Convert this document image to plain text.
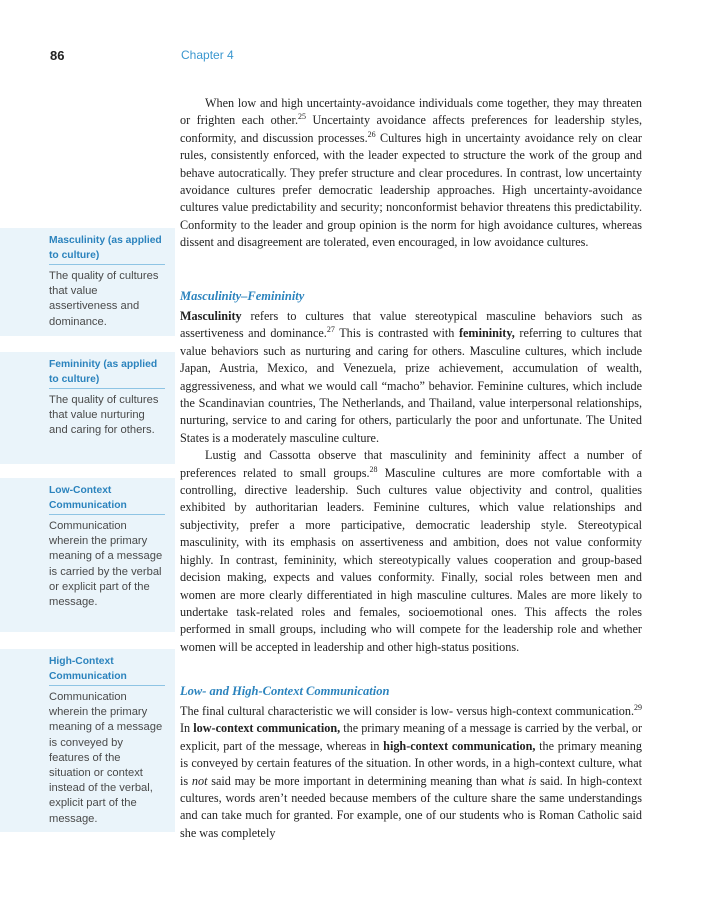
86	Chapter 4
Masculinity (as applied to culture)
The quality of cultures that value assertiveness and dominance.
Femininity (as applied to culture)
The quality of cultures that value nurturing and caring for others.
Low-Context Communication
Communication wherein the primary meaning of a message is carried by the verbal or explicit part of the message.
High-Context Communication
Communication wherein the primary meaning of a message is conveyed by features of the situation or context instead of the verbal, explicit part of the message.

When low and high uncertainty-avoidance individuals come together, they may threaten or frighten each other.$^{25}$ Uncertainty avoidance affects preferences for leadership styles, conformity, and discussion processes.$^{26}$ Cultures high in uncertainty avoidance rely on clear rules, consistently enforced, with the leader expected to structure the work of the group and behave autocratically. They prefer structure and clear procedures. In contrast, low uncertainty avoidance cultures prefer democratic leadership approaches. High uncertainty-avoidance cultures value predictability and security; nonconformist behavior threatens this predictability. Conformity to the leader and group opinion is the norm for high avoidance cultures, whereas dissent and disagreement are tolerated, even encouraged, in low avoidance cultures.

Masculinity–Femininity

Masculinity refers to cultures that value stereotypical masculine behaviors such as assertiveness and dominance.$^{27}$ This is contrasted with femininity, referring to cultures that value behaviors such as nurturing and caring for others. Masculine cultures, which include Japan, Austria, Mexico, and Venezuela, prize achievement, accumulation of wealth, aggressiveness, and what we would call “macho” behavior. Feminine cultures, which include the Scandinavian countries, The Netherlands, and Thailand, value interpersonal relationships, nurturing, service to and caring for others, particularly the poor and unfortunate. The United States is a moderately masculine culture.

Lustig and Cassotta observe that masculinity and femininity affect a number of preferences related to small groups.$^{28}$ Masculine cultures are more comfortable with a controlling, directive leadership. Such cultures value objectivity and control, qualities exhibited by authoritarian leaders. Feminine cultures, which value relationships and subjectivity, prefer a more participative, democratic leadership style. Stereotypical masculinity, with its emphasis on assertiveness and ambition, does not value conformity highly. In contrast, femininity, which stereotypically values cooperation and group-based decision making, expects and values conformity. Finally, social roles between men and women are more clearly differentiated in high masculine cultures. Males are more likely to undertake task-related roles and females, socioemotional ones. This affects the roles performed in small groups, including who will compete for the leadership role and whether women will be accepted in leadership and other high-status positions.

Low- and High-Context Communication

The final cultural characteristic we will consider is low- versus high-context communication.$^{29}$ In low-context communication, the primary meaning of a message is carried by the verbal, or explicit, part of the message, whereas in high-context communication, the primary meaning is conveyed by certain features of the situation. In other words, in a high-context culture, what is not said may be more important in determining meaning than what is said. In high-context cultures, words aren’t needed because members of the culture share the same understandings and can take much for granted. For example, one of our students who is Roman Catholic said she was completely
